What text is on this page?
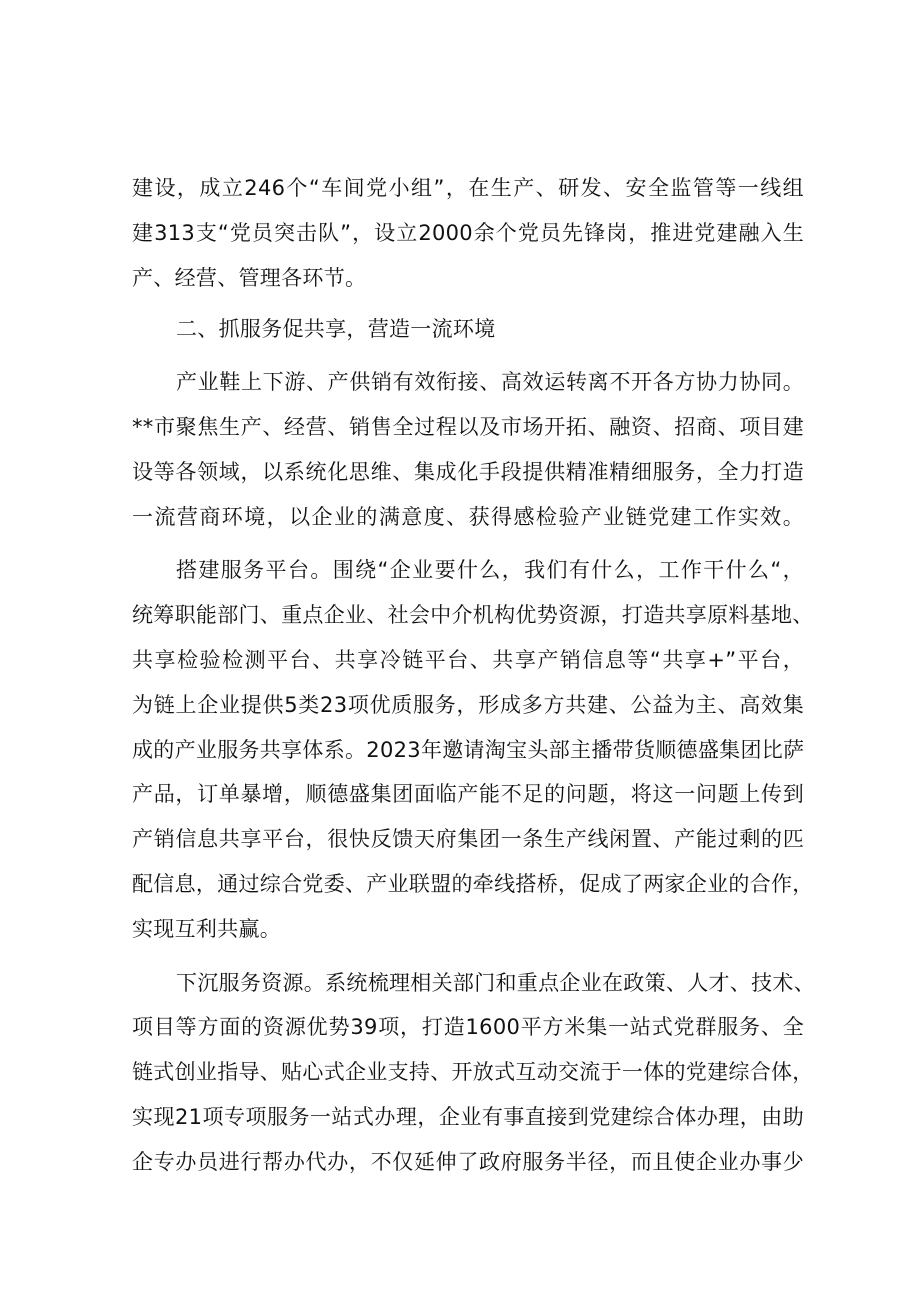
建设，成立246个“车间党小组”，在生产、研发、安全监管等一线组
建313支“党员突击队”，设立2000余个党员先锋岗，推进党建融入生
产、经营、管理各环节。
二、抓服务促共享，营造一流环境
产业鞋上下游、产供销有效衔接、高效运转离不开各方协力协同。
**市聚焦生产、经营、销售全过程以及市场开拓、融资、招商、项目建
设等各领域，以系统化思维、集成化手段提供精准精细服务，全力打造
一流营商环境，以企业的满意度、获得感检验产业链党建工作实效。
搭建服务平台。围绕“企业要什么，我们有什么，工作干什么“，
统筹职能部门、重点企业、社会中介机构优势资源，打造共享原料基地、
共享检验检测平台、共享冷链平台、共享产销信息等“共享+”平台，
为链上企业提供5类23项优质服务，形成多方共建、公益为主、高效集
成的产业服务共享体系。2023年邀请淘宝头部主播带货顺德盛集团比萨
产品，订单暴增，顺德盛集团面临产能不足的问题，将这一问题上传到
产销信息共享平台，很快反馈天府集团一条生产线闲置、产能过剩的匹
配信息，通过综合党委、产业联盟的牵线搭桥，促成了两家企业的合作，
实现互利共赢。
下沉服务资源。系统梳理相关部门和重点企业在政策、人才、技术、
项目等方面的资源优势39项，打造1600平方米集一站式党群服务、全
链式创业指导、贴心式企业支持、开放式互动交流于一体的党建综合体，
实现21项专项服务一站式办理，企业有事直接到党建综合体办理，由助
企专办员进行帮办代办，不仅延伸了政府服务半径，而且使企业办事少
